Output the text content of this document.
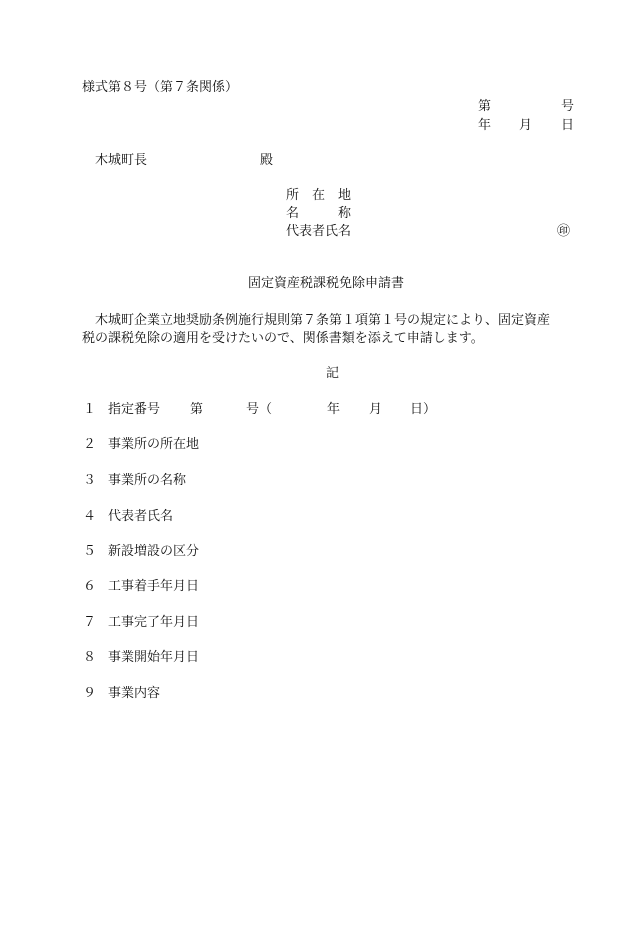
様式第８号（第７条関係）
第	号
年 月 日
木城町長	殿
所　在　地
名　　　称
代表者氏名	㊞
固定資産税課税免除申請書
木城町企業立地奨励条例施行規則第７条第１項第１号の規定により、固定資産
税の課税免除の適用を受けたいので、関係書類を添えて申請します。
記
１ 指定番号 第	号（	年 月 日）
２ 事業所の所在地
３ 事業所の名称
４ 代表者氏名
５ 新設増設の区分
６ 工事着手年月日
７ 工事完了年月日
８ 事業開始年月日
９ 事業内容
